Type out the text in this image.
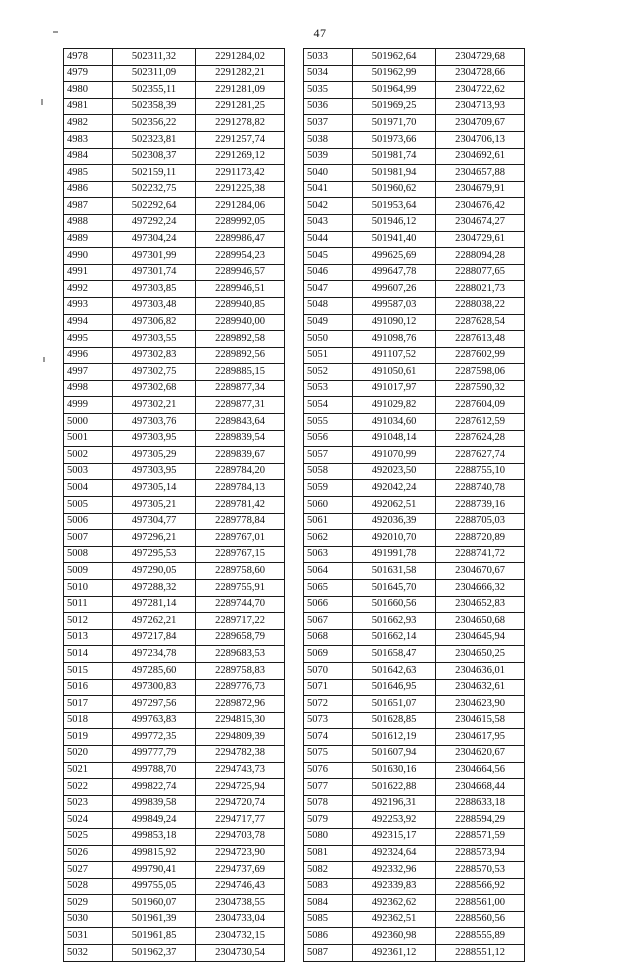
47
4978	502311,32	2291284,02
4979	502311,09	2291282,21
4980	502355,11	2291281,09
4981	502358,39	2291281,25
4982	502356,22	2291278,82
4983	502323,81	2291257,74
4984	502308,37	2291269,12
4985	502159,11	2291173,42
4986	502232,75	2291225,38
4987	502292,64	2291284,06
4988	497292,24	2289992,05
4989	497304,24	2289986,47
4990	497301,99	2289954,23
4991	497301,74	2289946,57
4992	497303,85	2289946,51
4993	497303,48	2289940,85
4994	497306,82	2289940,00
4995	497303,55	2289892,58
4996	497302,83	2289892,56
4997	497302,75	2289885,15
4998	497302,68	2289877,34
4999	497302,21	2289877,31
5000	497303,76	2289843,64
5001	497303,95	2289839,54
5002	497305,29	2289839,67
5003	497303,95	2289784,20
5004	497305,14	2289784,13
5005	497305,21	2289781,42
5006	497304,77	2289778,84
5007	497296,21	2289767,01
5008	497295,53	2289767,15
5009	497290,05	2289758,60
5010	497288,32	2289755,91
5011	497281,14	2289744,70
5012	497262,21	2289717,22
5013	497217,84	2289658,79
5014	497234,78	2289683,53
5015	497285,60	2289758,83
5016	497300,83	2289776,73
5017	497297,56	2289872,96
5018	499763,83	2294815,30
5019	499772,35	2294809,39
5020	499777,79	2294782,38
5021	499788,70	2294743,73
5022	499822,74	2294725,94
5023	499839,58	2294720,74
5024	499849,24	2294717,77
5025	499853,18	2294703,78
5026	499815,92	2294723,90
5027	499790,41	2294737,69
5028	499755,05	2294746,43
5029	501960,07	2304738,55
5030	501961,39	2304733,04
5031	501961,85	2304732,15
5032	501962,37	2304730,54
5033	501962,64	2304729,68
5034	501962,99	2304728,66
5035	501964,99	2304722,62
5036	501969,25	2304713,93
5037	501971,70	2304709,67
5038	501973,66	2304706,13
5039	501981,74	2304692,61
5040	501981,94	2304657,88
5041	501960,62	2304679,91
5042	501953,64	2304676,42
5043	501946,12	2304674,27
5044	501941,40	2304729,61
5045	499625,69	2288094,28
5046	499647,78	2288077,65
5047	499607,26	2288021,73
5048	499587,03	2288038,22
5049	491090,12	2287628,54
5050	491098,76	2287613,48
5051	491107,52	2287602,99
5052	491050,61	2287598,06
5053	491017,97	2287590,32
5054	491029,82	2287604,09
5055	491034,60	2287612,59
5056	491048,14	2287624,28
5057	491070,99	2287627,74
5058	492023,50	2288755,10
5059	492042,24	2288740,78
5060	492062,51	2288739,16
5061	492036,39	2288705,03
5062	492010,70	2288720,89
5063	491991,78	2288741,72
5064	501631,58	2304670,67
5065	501645,70	2304666,32
5066	501660,56	2304652,83
5067	501662,93	2304650,68
5068	501662,14	2304645,94
5069	501658,47	2304650,25
5070	501642,63	2304636,01
5071	501646,95	2304632,61
5072	501651,07	2304623,90
5073	501628,85	2304615,58
5074	501612,19	2304617,95
5075	501607,94	2304620,67
5076	501630,16	2304664,56
5077	501622,88	2304668,44
5078	492196,31	2288633,18
5079	492253,92	2288594,29
5080	492315,17	2288571,59
5081	492324,64	2288573,94
5082	492332,96	2288570,53
5083	492339,83	2288566,92
5084	492362,62	2288561,00
5085	492362,51	2288560,56
5086	492360,98	2288555,89
5087	492361,12	2288551,12
